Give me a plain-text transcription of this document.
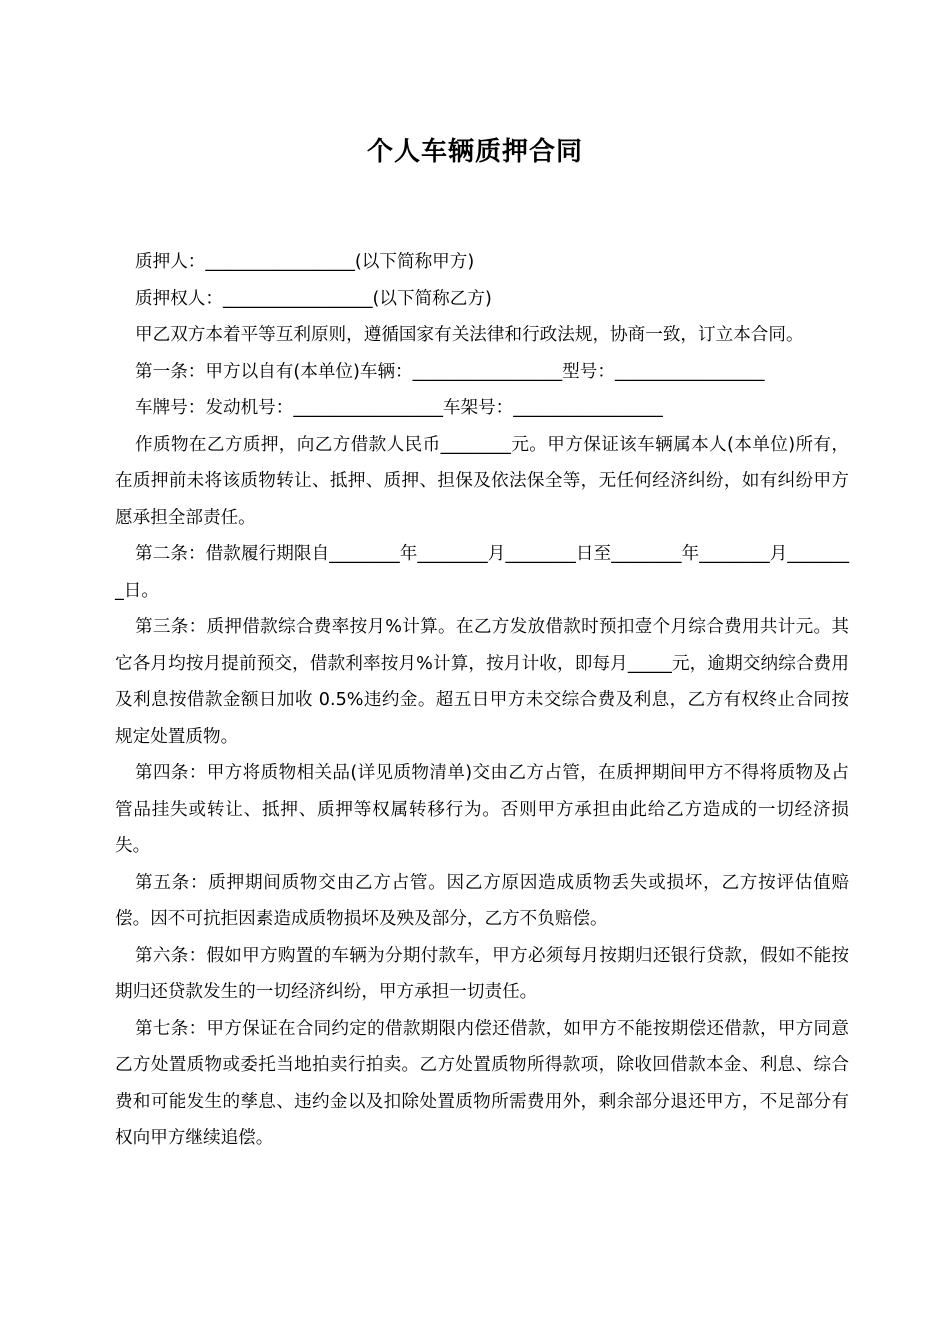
个人车辆质押合同

质押人：_________________(以下简称甲方)

质押权人：_________________(以下简称乙方)

甲乙双方本着平等互利原则，遵循国家有关法律和行政法规，协商一致，订立本合同。

第一条：甲方以自有(本单位)车辆：_________________型号：_________________

车牌号：发动机号：_________________车架号：_________________

作质物在乙方质押，向乙方借款人民币________元。甲方保证该车辆属本人(本单位)所有，在质押前未将该质物转让、抵押、质押、担保及依法保全等，无任何经济纠纷，如有纠纷甲方愿承担全部责任。

第二条：借款履行期限自________年________月________日至________年________月________日。

第三条：质押借款综合费率按月%计算。在乙方发放借款时预扣壹个月综合费用共计元。其它各月均按月提前预交，借款利率按月%计算，按月计收，即每月_____元，逾期交纳综合费用及利息按借款金额日加收 0.5%违约金。超五日甲方未交综合费及利息，乙方有权终止合同按规定处置质物。

第四条：甲方将质物相关品(详见质物清单)交由乙方占管，在质押期间甲方不得将质物及占管品挂失或转让、抵押、质押等权属转移行为。否则甲方承担由此给乙方造成的一切经济损失。

第五条：质押期间质物交由乙方占管。因乙方原因造成质物丢失或损坏，乙方按评估值赔偿。因不可抗拒因素造成质物损坏及殃及部分，乙方不负赔偿。

第六条：假如甲方购置的车辆为分期付款车，甲方必须每月按期归还银行贷款，假如不能按期归还贷款发生的一切经济纠纷，甲方承担一切责任。

第七条：甲方保证在合同约定的借款期限内偿还借款，如甲方不能按期偿还借款，甲方同意乙方处置质物或委托当地拍卖行拍卖。乙方处置质物所得款项，除收回借款本金、利息、综合费和可能发生的孳息、违约金以及扣除处置质物所需费用外，剩余部分退还甲方，不足部分有权向甲方继续追偿。
